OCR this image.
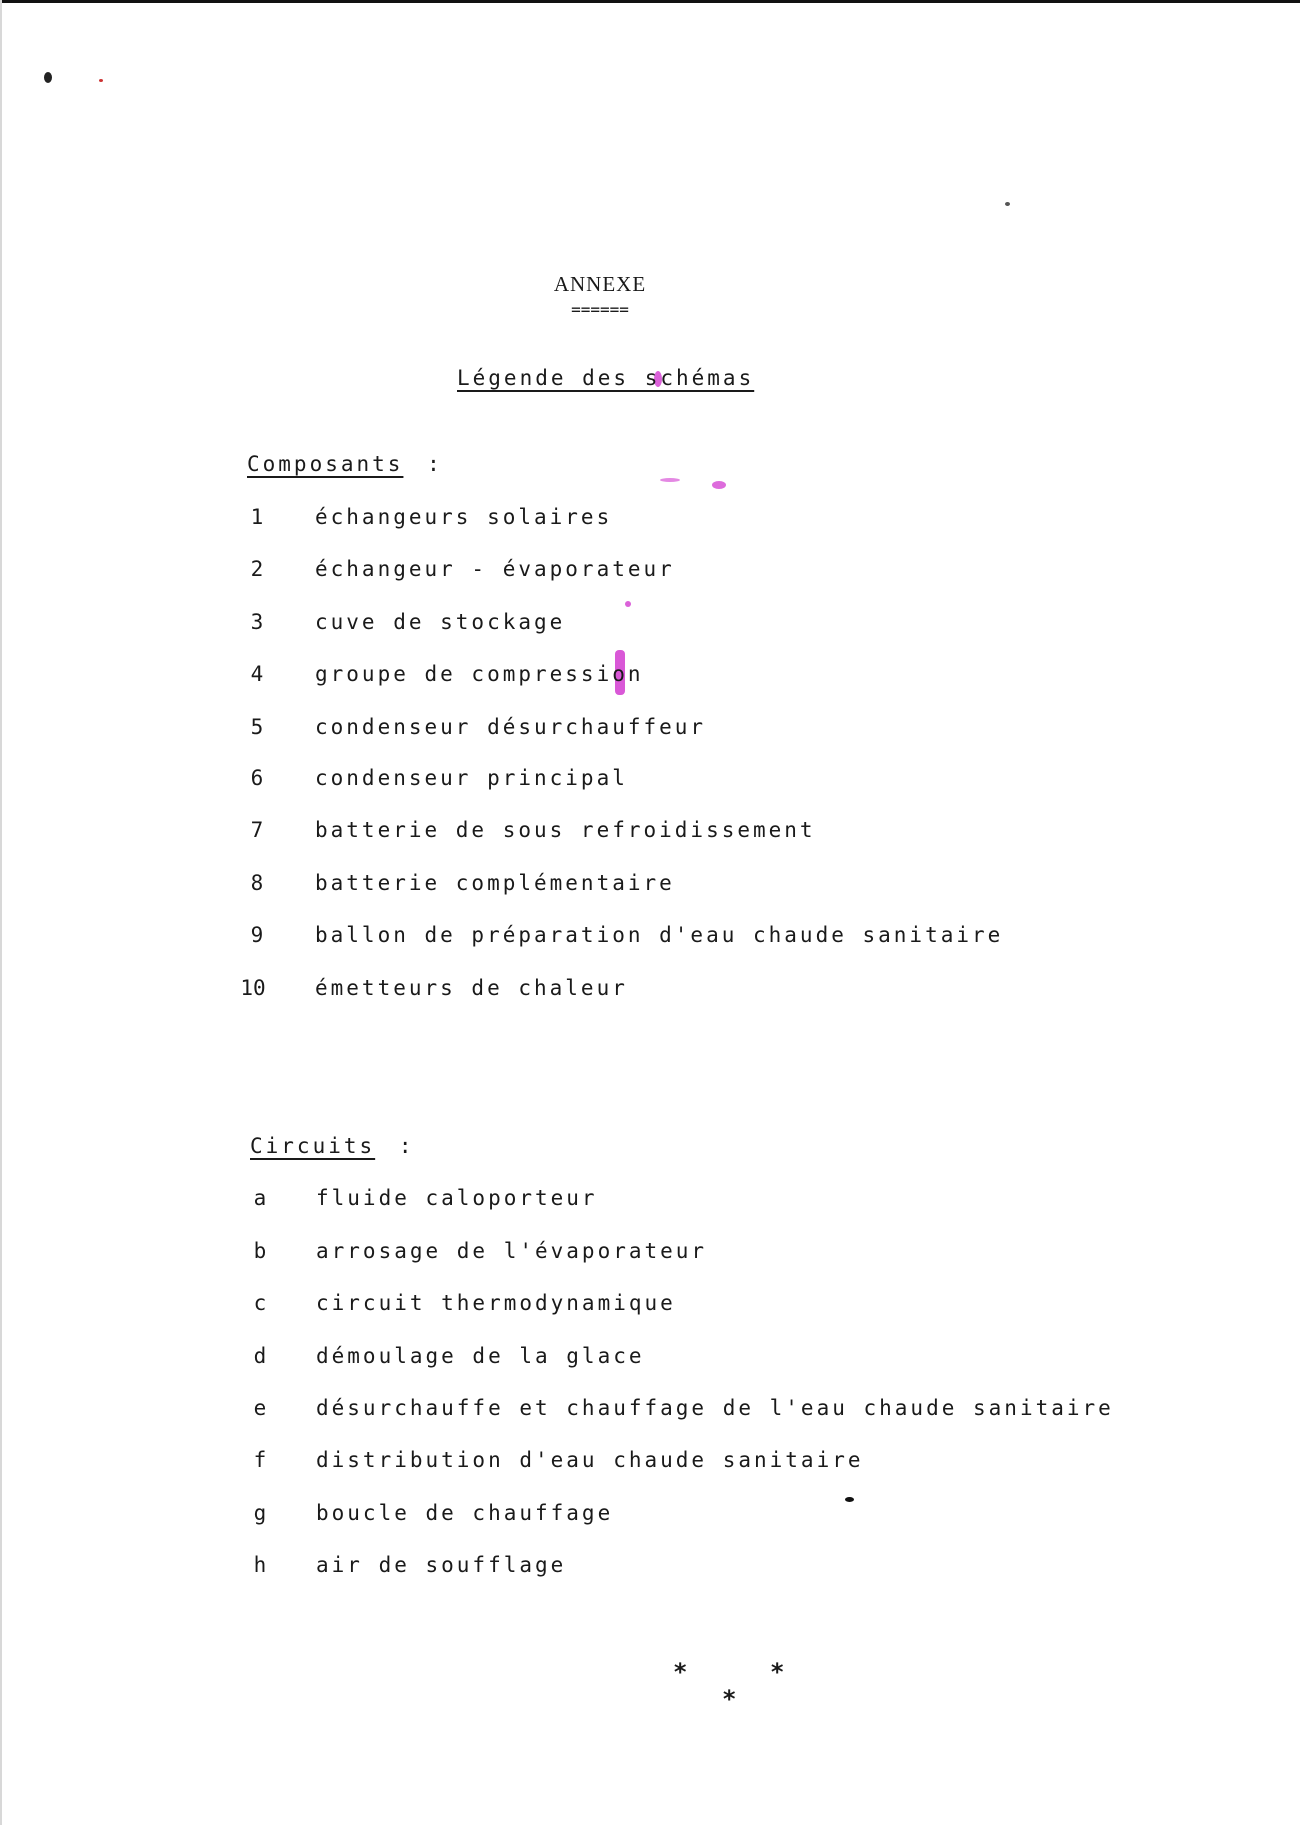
ANNEXE
======
Légende des schémas
Composants :
1	échangeurs solaires
2	échangeur - évaporateur
3	cuve de stockage
4	groupe de compression
5	condenseur désurchauffeur
6	condenseur principal
7	batterie de sous refroidissement
8	batterie complémentaire
9	ballon de préparation d'eau chaude sanitaire
10	émetteurs de chaleur
Circuits :
a	fluide caloporteur
b	arrosage de l'évaporateur
c	circuit thermodynamique
d	démoulage de la glace
e	désurchauffe et chauffage de l'eau chaude sanitaire
f	distribution d'eau chaude sanitaire
g	boucle de chauffage
h	air de soufflage
*	*
*
